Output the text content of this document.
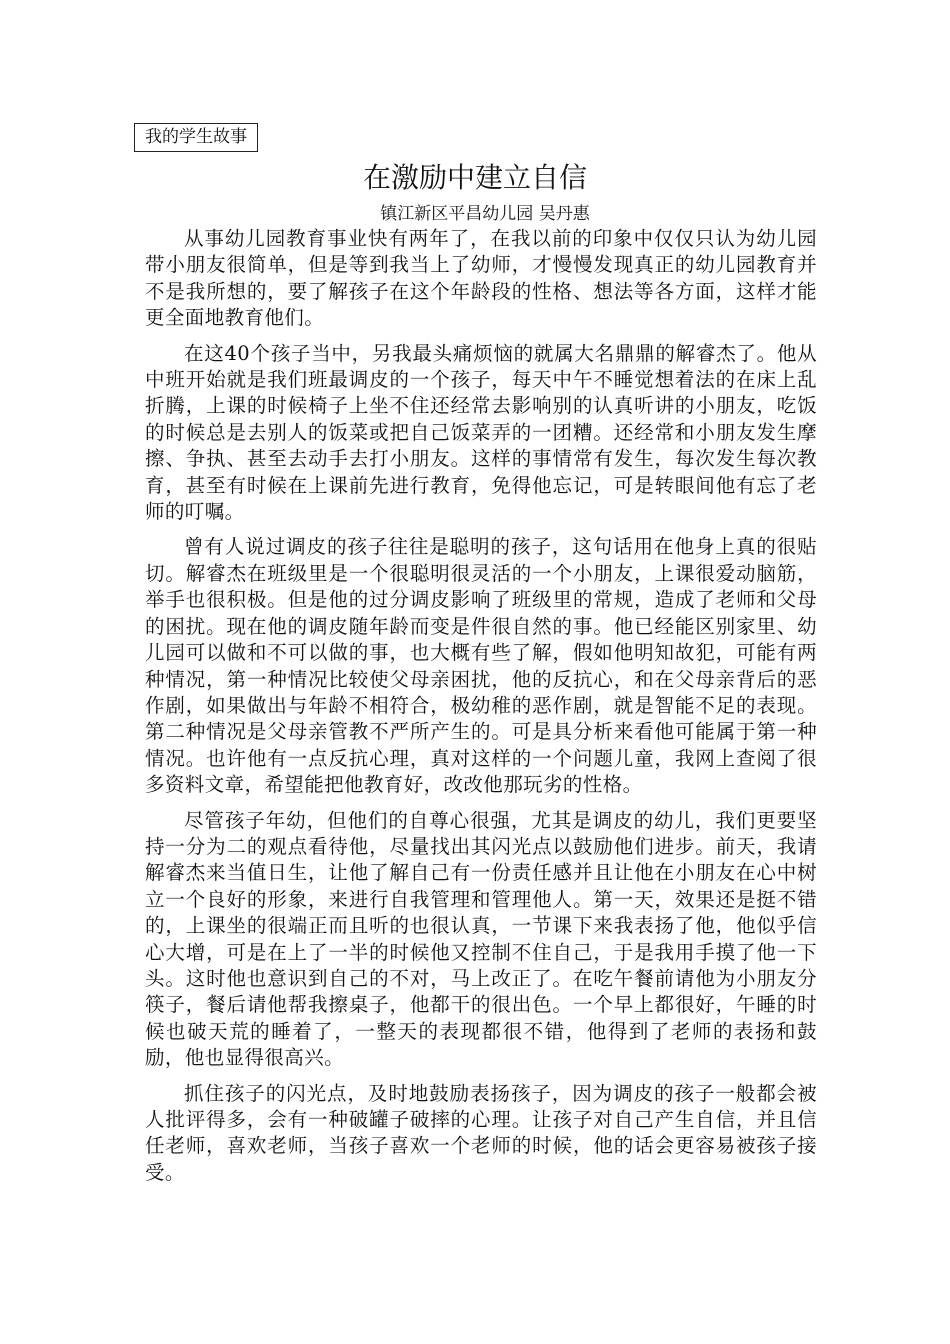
我的学生故事
在激励中建立自信
镇江新区平昌幼儿园 吴丹惠

从事幼儿园教育事业快有两年了，在我以前的印象中仅仅只认为幼儿园带小朋友很简单，但是等到我当上了幼师，才慢慢发现真正的幼儿园教育并不是我所想的，要了解孩子在这个年龄段的性格、想法等各方面，这样才能更全面地教育他们。

在这40个孩子当中，另我最头痛烦恼的就属大名鼎鼎的解睿杰了。他从中班开始就是我们班最调皮的一个孩子，每天中午不睡觉想着法的在床上乱折腾，上课的时候椅子上坐不住还经常去影响别的认真听讲的小朋友，吃饭的时候总是去别人的饭菜或把自己饭菜弄的一团糟。还经常和小朋友发生摩擦、争执、甚至去动手去打小朋友。这样的事情常有发生，每次发生每次教育，甚至有时候在上课前先进行教育，免得他忘记，可是转眼间他有忘了老师的叮嘱。

曾有人说过调皮的孩子往往是聪明的孩子，这句话用在他身上真的很贴切。解睿杰在班级里是一个很聪明很灵活的一个小朋友，上课很爱动脑筋，举手也很积极。但是他的过分调皮影响了班级里的常规，造成了老师和父母的困扰。现在他的调皮随年龄而变是件很自然的事。他已经能区别家里、幼儿园可以做和不可以做的事，也大概有些了解，假如他明知故犯，可能有两种情况，第一种情况比较使父母亲困扰，他的反抗心，和在父母亲背后的恶作剧，如果做出与年龄不相符合，极幼稚的恶作剧，就是智能不足的表现。第二种情况是父母亲管教不严所产生的。可是具分析来看他可能属于第一种情况。也许他有一点反抗心理，真对这样的一个问题儿童，我网上查阅了很多资料文章，希望能把他教育好，改改他那玩劣的性格。

尽管孩子年幼，但他们的自尊心很强，尤其是调皮的幼儿，我们更要坚持一分为二的观点看待他，尽量找出其闪光点以鼓励他们进步。前天，我请解睿杰来当值日生，让他了解自己有一份责任感并且让他在小朋友在心中树立一个良好的形象，来进行自我管理和管理他人。第一天，效果还是挺不错的，上课坐的很端正而且听的也很认真，一节课下来我表扬了他，他似乎信心大增，可是在上了一半的时候他又控制不住自己，于是我用手摸了他一下头。这时他也意识到自己的不对，马上改正了。在吃午餐前请他为小朋友分筷子，餐后请他帮我擦桌子，他都干的很出色。一个早上都很好，午睡的时候也破天荒的睡着了，一整天的表现都很不错，他得到了老师的表扬和鼓励，他也显得很高兴。

抓住孩子的闪光点，及时地鼓励表扬孩子，因为调皮的孩子一般都会被人批评得多，会有一种破罐子破摔的心理。让孩子对自己产生自信，并且信任老师，喜欢老师，当孩子喜欢一个老师的时候，他的话会更容易被孩子接受。
